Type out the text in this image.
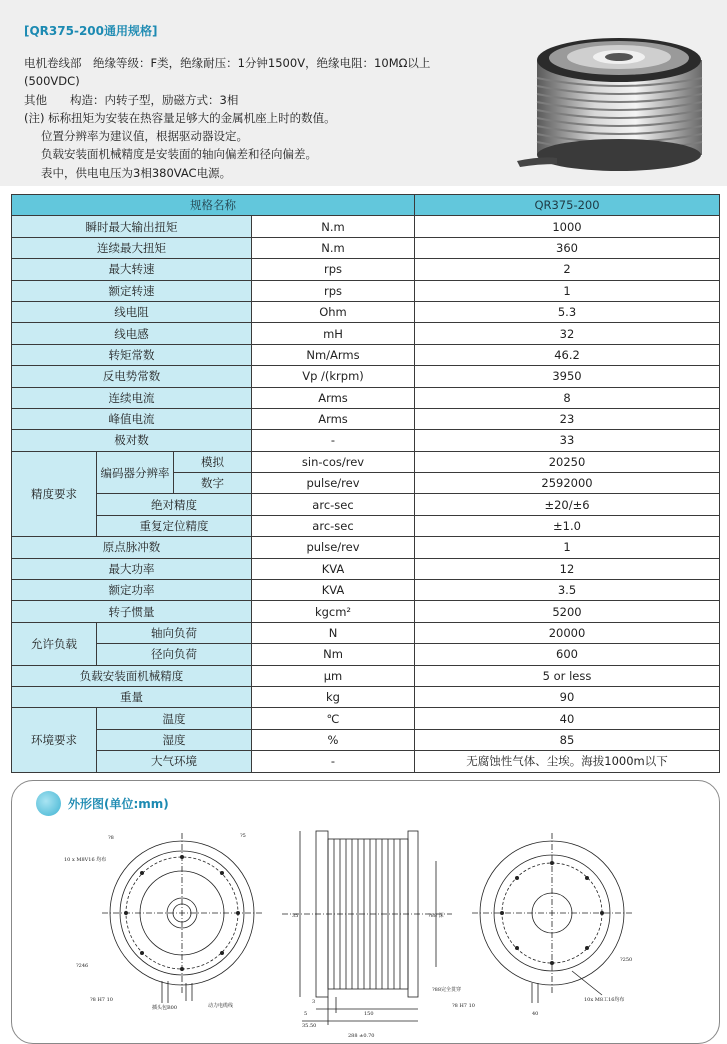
[QR375-200通用规格]
电机卷线部　绝缘等级：F类，绝缘耐压：1分钟1500V，绝缘电阻：10MΩ以上
(500VDC)
其他　　构造：内转子型，励磁方式：3相
(注) 标称扭矩为安装在热容量足够大的金属机座上时的数值。
位置分辨率为建议值，根据驱动器设定。
负载安装面机械精度是安装面的轴向偏差和径向偏差。
表中，供电电压为3相380VAC电源。
规格名称				QR375-200
瞬时最大输出扭矩			N.m	1000
连续最大扭矩			N.m	360
最大转速			rps	2
额定转速			rps	1
线电阻			Ohm	5.3
线电感			mH	32
转矩常数			Nm/Arms	46.2
反电势常数			Vp /(krpm)	3950
连续电流			Arms	8
峰值电流			Arms	23
极对数			-	33
精度要求	编码器分辨率	模拟	sin-cos/rev	20250
		数字	pulse/rev	2592000
	绝对精度		arc-sec	±20/±6
	重复定位精度		arc-sec	±1.0
原点脉冲数			pulse/rev	1
最大功率			KVA	12
额定功率			KVA	3.5
转子惯量			kgcm²	5200
允许负载	轴向负荷		N	20000
	径向负荷		Nm	600
负载安装面机械精度			μm	5 or less
重量			kg	90
环境要求	温度		℃	40
	湿度		%	85
	大气环境		-	无腐蚀性气体、尘埃。海拔1000m以下
外形图(单位:mm)
10 x M8V16 均布
?8	?5
?246
?8 H7 10
插头包B00	动力电缆线
35
3
5
35.50
150
288 ±0.70
?88 深
?88完全贯穿
?8 H7 10
10x M8工16均布
?250
40
